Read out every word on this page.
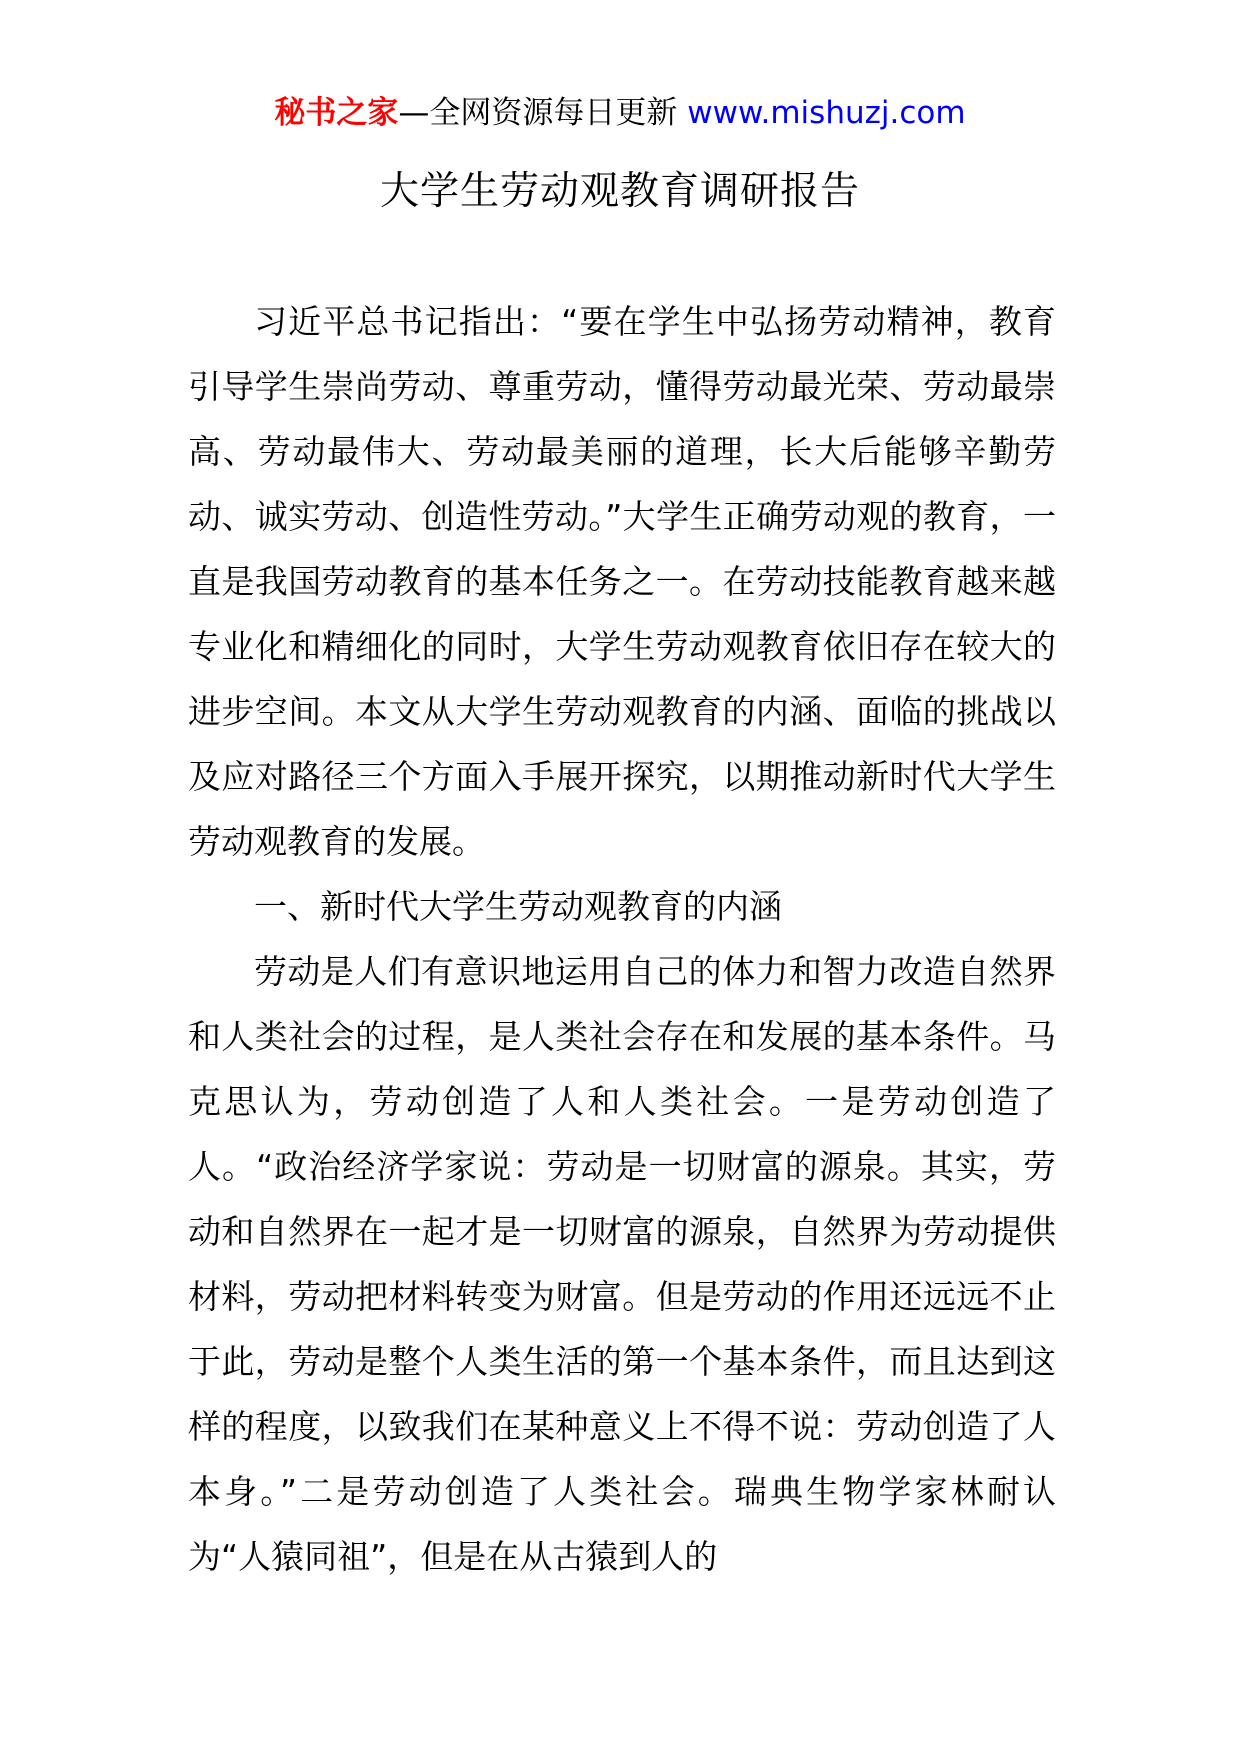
秘书之家—全网资源每日更新 www.mishuzj.com
大学生劳动观教育调研报告

习近平总书记指出：“要在学生中弘扬劳动精神，教育引导学生崇尚劳动、尊重劳动，懂得劳动最光荣、劳动最崇高、劳动最伟大、劳动最美丽的道理，长大后能够辛勤劳动、诚实劳动、创造性劳动。”大学生正确劳动观的教育，一直是我国劳动教育的基本任务之一。在劳动技能教育越来越专业化和精细化的同时，大学生劳动观教育依旧存在较大的进步空间。本文从大学生劳动观教育的内涵、面临的挑战以及应对路径三个方面入手展开探究，以期推动新时代大学生劳动观教育的发展。

一、新时代大学生劳动观教育的内涵

劳动是人们有意识地运用自己的体力和智力改造自然界和人类社会的过程，是人类社会存在和发展的基本条件。马克思认为，劳动创造了人和人类社会。一是劳动创造了人。“政治经济学家说：劳动是一切财富的源泉。其实，劳动和自然界在一起才是一切财富的源泉，自然界为劳动提供材料，劳动把材料转变为财富。但是劳动的作用还远远不止于此，劳动是整个人类生活的第一个基本条件，而且达到这样的程度，以致我们在某种意义上不得不说：劳动创造了人本身。”二是劳动创造了人类社会。瑞典生物学家林耐认为“人猿同祖”，但是在从古猿到人的
